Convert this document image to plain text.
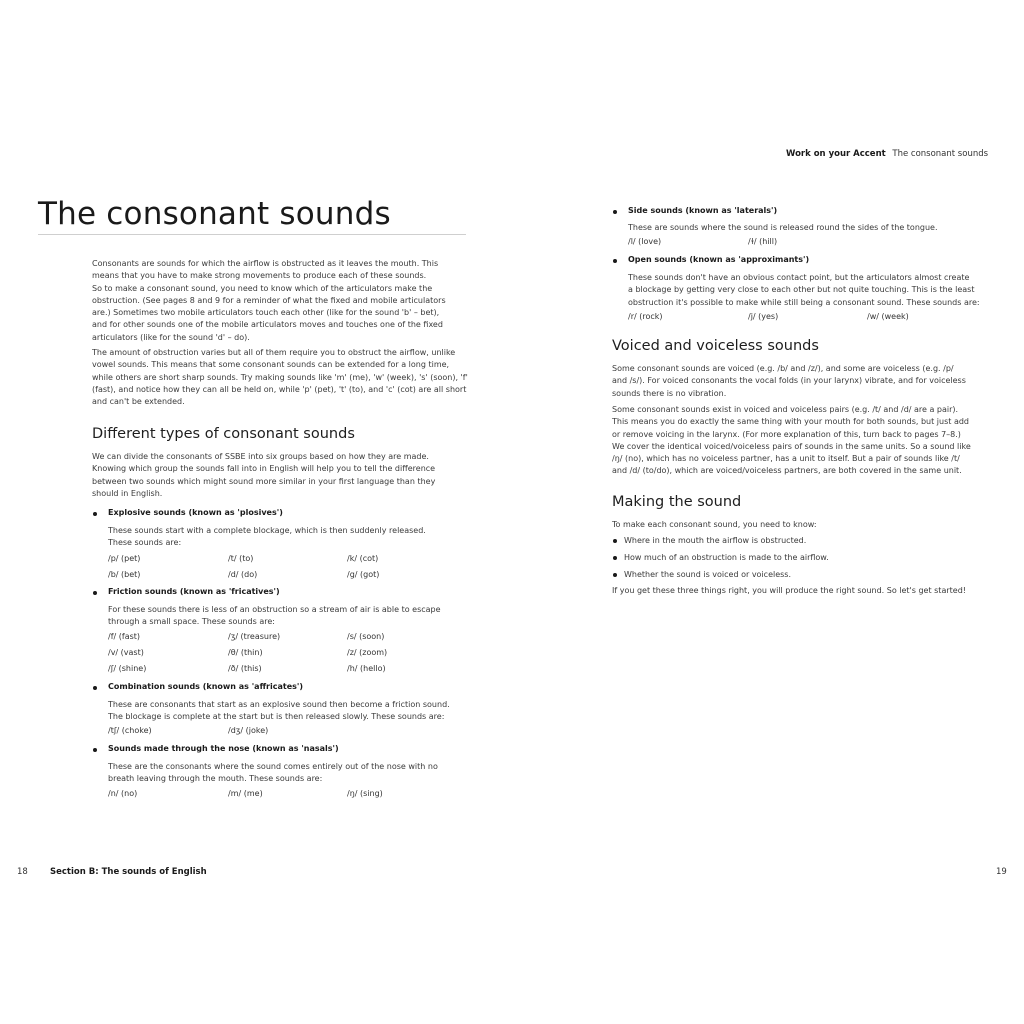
Work on your Accent The consonant sounds
The consonant sounds
Consonants are sounds for which the airflow is obstructed as it leaves the mouth. This
means that you have to make strong movements to produce each of these sounds.
So to make a consonant sound, you need to know which of the articulators make the
obstruction. (See pages 8 and 9 for a reminder of what the fixed and mobile articulators
are.) Sometimes two mobile articulators touch each other (like for the sound 'b' – bet),
and for other sounds one of the mobile articulators moves and touches one of the fixed
articulators (like for the sound 'd' – do).
The amount of obstruction varies but all of them require you to obstruct the airflow, unlike
vowel sounds. This means that some consonant sounds can be extended for a long time,
while others are short sharp sounds. Try making sounds like 'm' (me), 'w' (week), 's' (soon), 'f'
(fast), and notice how they can all be held on, while 'p' (pet), 't' (to), and 'c' (cot) are all short
and can't be extended.
Different types of consonant sounds
We can divide the consonants of SSBE into six groups based on how they are made.
Knowing which group the sounds fall into in English will help you to tell the difference
between two sounds which might sound more similar in your first language than they
should in English.
Explosive sounds (known as 'plosives')
These sounds start with a complete blockage, which is then suddenly released.
These sounds are:
/p/ (pet)	/t/ (to)	/k/ (cot)
/b/ (bet)	/d/ (do)	/g/ (got)
Friction sounds (known as 'fricatives')
For these sounds there is less of an obstruction so a stream of air is able to escape
through a small space. These sounds are:
/f/ (fast)	/ʒ/ (treasure)	/s/ (soon)
/v/ (vast)	/θ/ (thin)	/z/ (zoom)
/ʃ/ (shine)	/ð/ (this)	/h/ (hello)
Combination sounds (known as 'affricates')
These are consonants that start as an explosive sound then become a friction sound.
The blockage is complete at the start but is then released slowly. These sounds are:
/tʃ/ (choke)	/dʒ/ (joke)
Sounds made through the nose (known as 'nasals')
These are the consonants where the sound comes entirely out of the nose with no
breath leaving through the mouth. These sounds are:
/n/ (no)	/m/ (me)	/ŋ/ (sing)
Side sounds (known as 'laterals')
These are sounds where the sound is released round the sides of the tongue.
/l/ (love)	/ɫ/ (hill)
Open sounds (known as 'approximants')
These sounds don't have an obvious contact point, but the articulators almost create
a blockage by getting very close to each other but not quite touching. This is the least
obstruction it's possible to make while still being a consonant sound. These sounds are:
/r/ (rock)	/j/ (yes)	/w/ (week)
Voiced and voiceless sounds
Some consonant sounds are voiced (e.g. /b/ and /z/), and some are voiceless (e.g. /p/
and /s/). For voiced consonants the vocal folds (in your larynx) vibrate, and for voiceless
sounds there is no vibration.
Some consonant sounds exist in voiced and voiceless pairs (e.g. /t/ and /d/ are a pair).
This means you do exactly the same thing with your mouth for both sounds, but just add
or remove voicing in the larynx. (For more explanation of this, turn back to pages 7–8.)
We cover the identical voiced/voiceless pairs of sounds in the same units. So a sound like
/ŋ/ (no), which has no voiceless partner, has a unit to itself. But a pair of sounds like /t/
and /d/ (to/do), which are voiced/voiceless partners, are both covered in the same unit.
Making the sound
To make each consonant sound, you need to know:
Where in the mouth the airflow is obstructed.
How much of an obstruction is made to the airflow.
Whether the sound is voiced or voiceless.
If you get these three things right, you will produce the right sound. So let's get started!
18	Section B: The sounds of English	19
